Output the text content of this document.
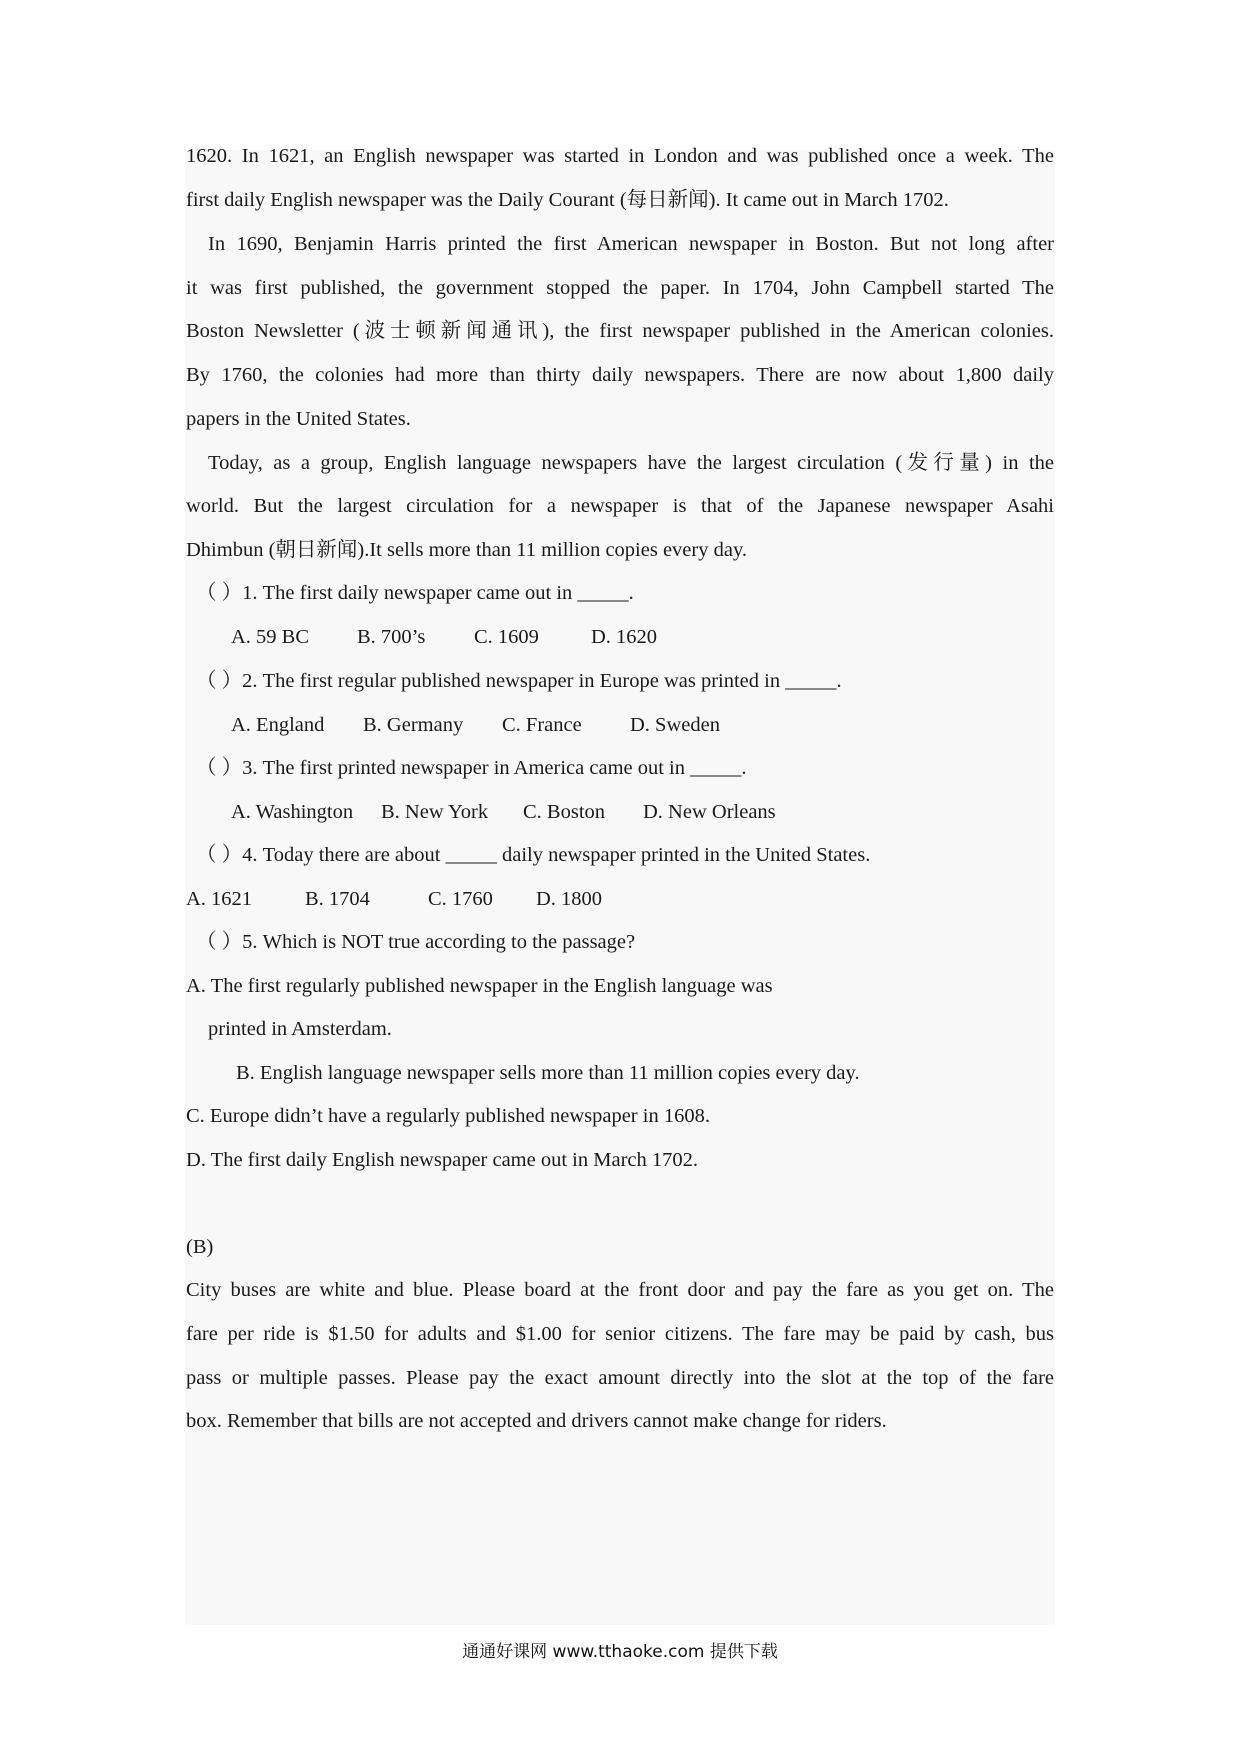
1620. In 1621, an English newspaper was started in London and was published once a week. The
first daily English newspaper was the Daily Courant (每日新闻). It came out in March 1702.
In 1690, Benjamin Harris printed the first American newspaper in Boston. But not long after
it was first published, the government stopped the paper. In 1704, John Campbell started The
Boston Newsletter (波士顿新闻通讯), the first newspaper published in the American colonies.
By 1760, the colonies had more than thirty daily newspapers. There are now about 1,800 daily
papers in the United States.
Today, as a group, English language newspapers have the largest circulation (发行量) in the
world. But the largest circulation for a newspaper is that of the Japanese newspaper Asahi
Dhimbun (朝日新闻).It sells more than 11 million copies every day.
（ ）1. The first daily newspaper came out in _____.
A. 59 BC B. 700’s C. 1609	D. 1620
（ ）2. The first regular published newspaper in Europe was printed in _____.
A. England B. Germany C. France D. Sweden
（ ）3. The first printed newspaper in America came out in _____.
A. Washington B. New York C. Boston D. New Orleans
（ ）4. Today there are about _____ daily newspaper printed in the United States.
A. 1621	B. 1704	C. 1760 D. 1800
（ ）5. Which is NOT true according to the passage?
A. The first regularly published newspaper in the English language was
printed in Amsterdam.
B. English language newspaper sells more than 11 million copies every day.
C. Europe didn’t have a regularly published newspaper in 1608.
D. The first daily English newspaper came out in March 1702.
(B)
City buses are white and blue. Please board at the front door and pay the fare as you get on. The
fare per ride is $1.50 for adults and $1.00 for senior citizens. The fare may be paid by cash, bus
pass or multiple passes. Please pay the exact amount directly into the slot at the top of the fare
box. Remember that bills are not accepted and drivers cannot make change for riders.
通通好课网 www.tthaoke.com 提供下载
